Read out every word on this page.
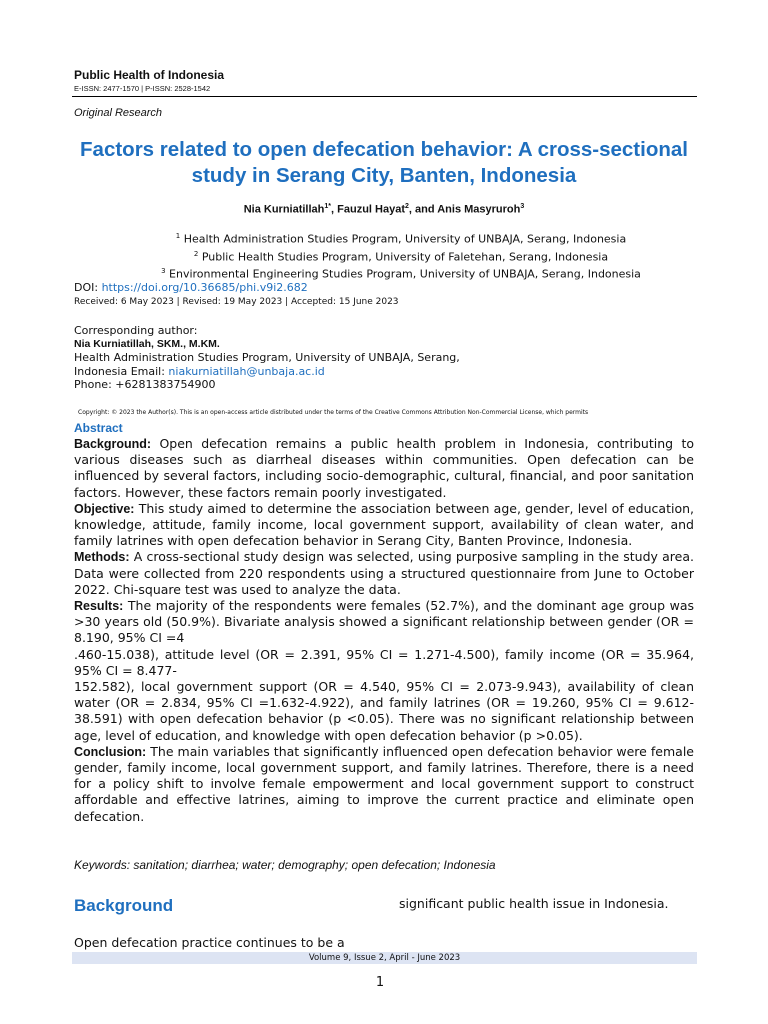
Public Health of Indonesia
E-ISSN: 2477-1570 | P-ISSN: 2528-1542
Original Research
Factors related to open defecation behavior: A cross-sectional study in Serang City, Banten, Indonesia
Nia Kurniatillah$^{1*}$, Fauzul Hayat$^2$, and Anis Masyruroh$^3$
$^1$ Health Administration Studies Program, University of UNBAJA, Serang, Indonesia
$^2$ Public Health Studies Program, University of Faletehan, Serang, Indonesia
$^3$ Environmental Engineering Studies Program, University of UNBAJA, Serang, Indonesia
DOI: https://doi.org/10.36685/phi.v9i2.682
Received: 6 May 2023 | Revised: 19 May 2023 | Accepted: 15 June 2023
Corresponding author:
Nia Kurniatillah, SKM., M.KM.
Health Administration Studies Program, University of UNBAJA, Serang,
Indonesia Email: niakurniatillah@unbaja.ac.id
Phone: +6281383754900
Copyright: © 2023 the Author(s). This is an open-access article distributed under the terms of the Creative Commons Attribution Non-Commercial License, which permits
Abstract

Background: Open defecation remains a public health problem in Indonesia, contributing to various diseases such as diarrheal diseases within communities. Open defecation can be influenced by several factors, including socio-demographic, cultural, financial, and poor sanitation factors. However, these factors remain poorly investigated.

Objective: This study aimed to determine the association between age, gender, level of education, knowledge, attitude, family income, local government support, availability of clean water, and family latrines with open defecation behavior in Serang City, Banten Province, Indonesia.

Methods: A cross-sectional study design was selected, using purposive sampling in the study area. Data were collected from 220 respondents using a structured questionnaire from June to October 2022. Chi-square test was used to analyze the data.

Results: The majority of the respondents were females (52.7%), and the dominant age group was >30 years old (50.9%). Bivariate analysis showed a significant relationship between gender (OR = 8.190, 95% CI =4

.460-15.038), attitude level (OR = 2.391, 95% CI = 1.271-4.500), family income (OR = 35.964, 95% CI = 8.477-

152.582), local government support (OR = 4.540, 95% CI = 2.073-9.943), availability of clean water (OR = 2.834, 95% CI =1.632-4.922), and family latrines (OR = 19.260, 95% CI = 9.612-38.591) with open defecation behavior (p <0.05). There was no significant relationship between age, level of education, and knowledge with open defecation behavior (p >0.05).

Conclusion: The main variables that significantly influenced open defecation behavior were female gender, family income, local government support, and family latrines. Therefore, there is a need for a policy shift to involve female empowerment and local government support to construct affordable and effective latrines, aiming to improve the current practice and eliminate open defecation.

Keywords: sanitation; diarrhea; water; demography; open defecation; Indonesia
Background	significant public health issue in Indonesia.
Open defecation practice continues to be a
Volume 9, Issue 2, April - June 2023
1
